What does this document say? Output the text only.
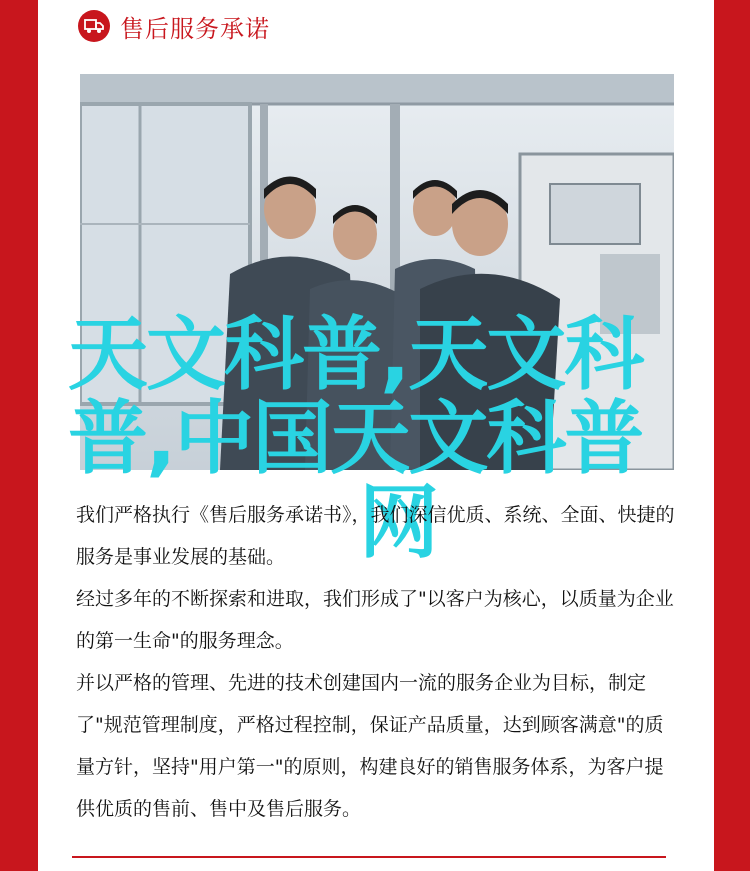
售后服务承诺
天文科普,天文科
普,中国天文科普
网

我们严格执行《售后服务承诺书》，我们深信优质、系统、全面、快捷的服务是事业发展的基础。

经过多年的不断探索和进取，我们形成了"以客户为核心，以质量为企业的第一生命"的服务理念。

并以严格的管理、先进的技术创建国内一流的服务企业为目标，制定了"规范管理制度，严格过程控制，保证产品质量，达到顾客满意"的质量方针，坚持"用户第一"的原则，构建良好的销售服务体系，为客户提供优质的售前、售中及售后服务。
